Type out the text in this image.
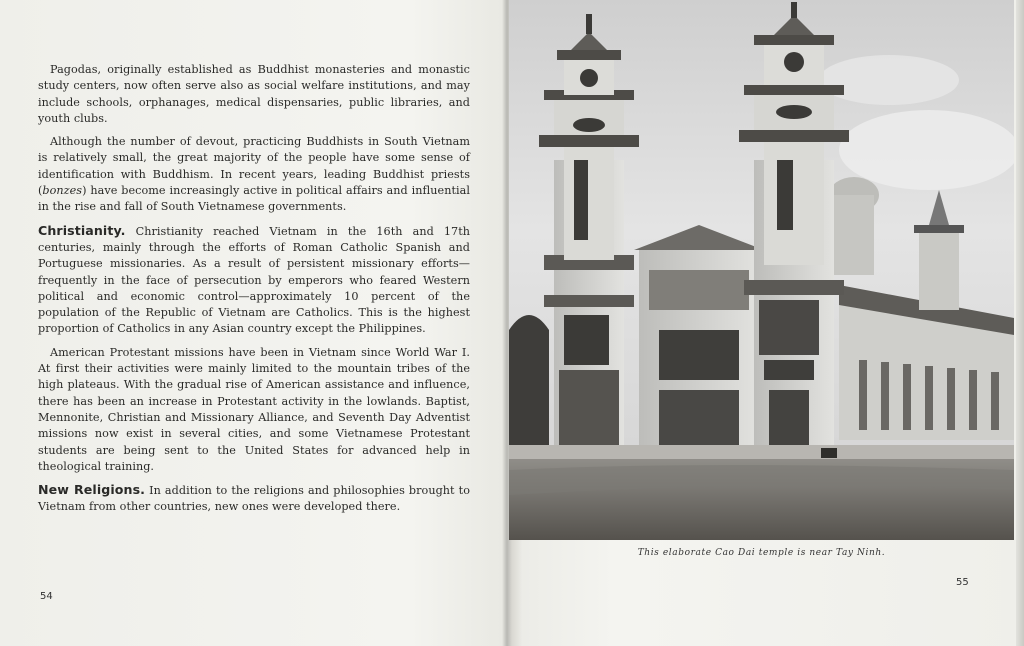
Pagodas, originally established as Buddhist monasteries and monastic study centers, now often serve also as social welfare institutions, and may include schools, orphanages, medical dispensaries, public libraries, and youth clubs.

Although the number of devout, practicing Buddhists in South Vietnam is relatively small, the great majority of the people have some sense of identification with Buddhism. In recent years, leading Buddhist priests (bonzes) have become increasingly active in political affairs and influential in the rise and fall of South Vietnamese governments.

Christianity. Christianity reached Vietnam in the 16th and 17th centuries, mainly through the efforts of Roman Catholic Spanish and Portuguese missionaries. As a result of persistent missionary efforts—frequently in the face of persecution by emperors who feared Western political and economic control—approximately 10 percent of the population of the Republic of Vietnam are Catholics. This is the highest proportion of Catholics in any Asian country except the Philippines.

American Protestant missions have been in Vietnam since World War I. At first their activities were mainly limited to the mountain tribes of the high plateaus. With the gradual rise of American assistance and influence, there has been an increase in Protestant activity in the lowlands. Baptist, Mennonite, Christian and Missionary Alliance, and Seventh Day Adventist missions now exist in several cities, and some Vietnamese Protestant students are being sent to the United States for advanced help in theological training.

New Religions. In addition to the religions and philosophies brought to Vietnam from other countries, new ones were developed there.

54
This elaborate Cao Dai temple is near Tay Ninh.
55
